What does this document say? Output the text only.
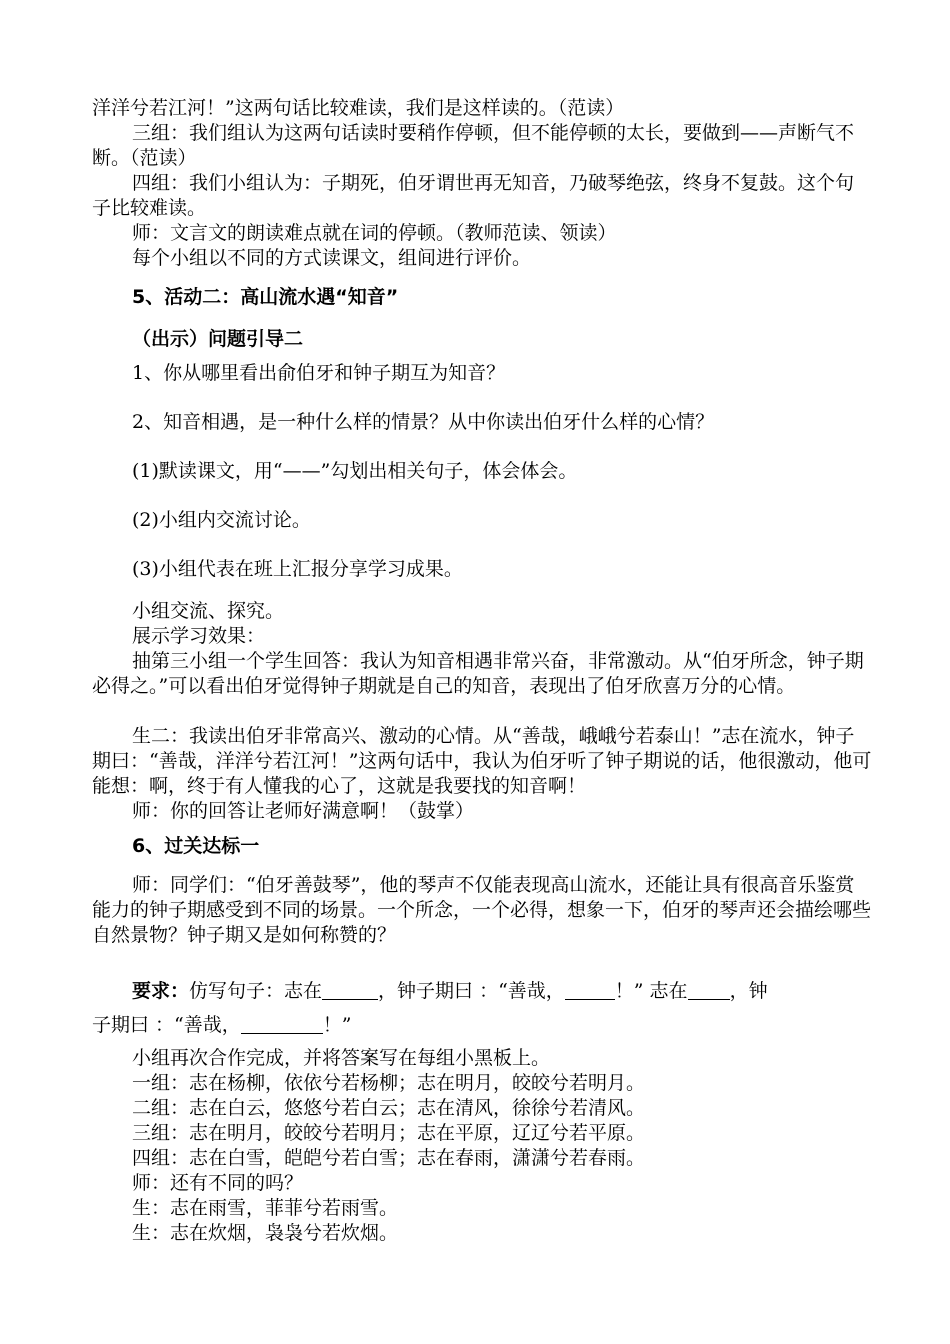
洋洋兮若江河！”这两句话比较难读，我们是这样读的。（范读）
三组：我们组认为这两句话读时要稍作停顿，但不能停顿的太长，要做到——声断气不断。（范读）
四组：我们小组认为：子期死，伯牙谓世再无知音，乃破琴绝弦，终身不复鼓。这个句子比较难读。
师：文言文的朗读难点就在词的停顿。（教师范读、领读）
每个小组以不同的方式读课文，组间进行评价。
5、活动二：高山流水遇“知音”
（出示）问题引导二
1、你从哪里看出俞伯牙和钟子期互为知音？
2、知音相遇，是一种什么样的情景？从中你读出伯牙什么样的心情？
(1)默读课文，用“——”勾划出相关句子，体会体会。
(2)小组内交流讨论。
(3)小组代表在班上汇报分享学习成果。
小组交流、探究。
展示学习效果：
抽第三小组一个学生回答：我认为知音相遇非常兴奋，非常激动。从“伯牙所念，钟子期必得之。”可以看出伯牙觉得钟子期就是自己的知音，表现出了伯牙欣喜万分的心情。
生二：我读出伯牙非常高兴、激动的心情。从“善哉，峨峨兮若泰山！”志在流水，钟子期曰：“善哉，洋洋兮若江河！”这两句话中，我认为伯牙听了钟子期说的话，他很激动，他可能想：啊，终于有人懂我的心了，这就是我要找的知音啊！
师：你的回答让老师好满意啊！（鼓掌）
6、过关达标一
师：同学们：“伯牙善鼓琴”，他的琴声不仅能表现高山流水，还能让具有很高音乐鉴赏能力的钟子期感受到不同的场景。一个所念，一个必得，想象一下，伯牙的琴声还会描绘哪些自然景物？钟子期又是如何称赞的？
要求：仿写句子：志在	，钟子期曰 ：“善哉，	！” 志在 ，钟
子期曰 ：“善哉，	！”
小组再次合作完成，并将答案写在每组小黑板上。
一组：志在杨柳，依依兮若杨柳；志在明月，皎皎兮若明月。
二组：志在白云，悠悠兮若白云；志在清风，徐徐兮若清风。
三组：志在明月，皎皎兮若明月；志在平原，辽辽兮若平原。
四组：志在白雪，皑皑兮若白雪；志在春雨，潇潇兮若春雨。
师：还有不同的吗？
生：志在雨雪，菲菲兮若雨雪。
生：志在炊烟，袅袅兮若炊烟。
